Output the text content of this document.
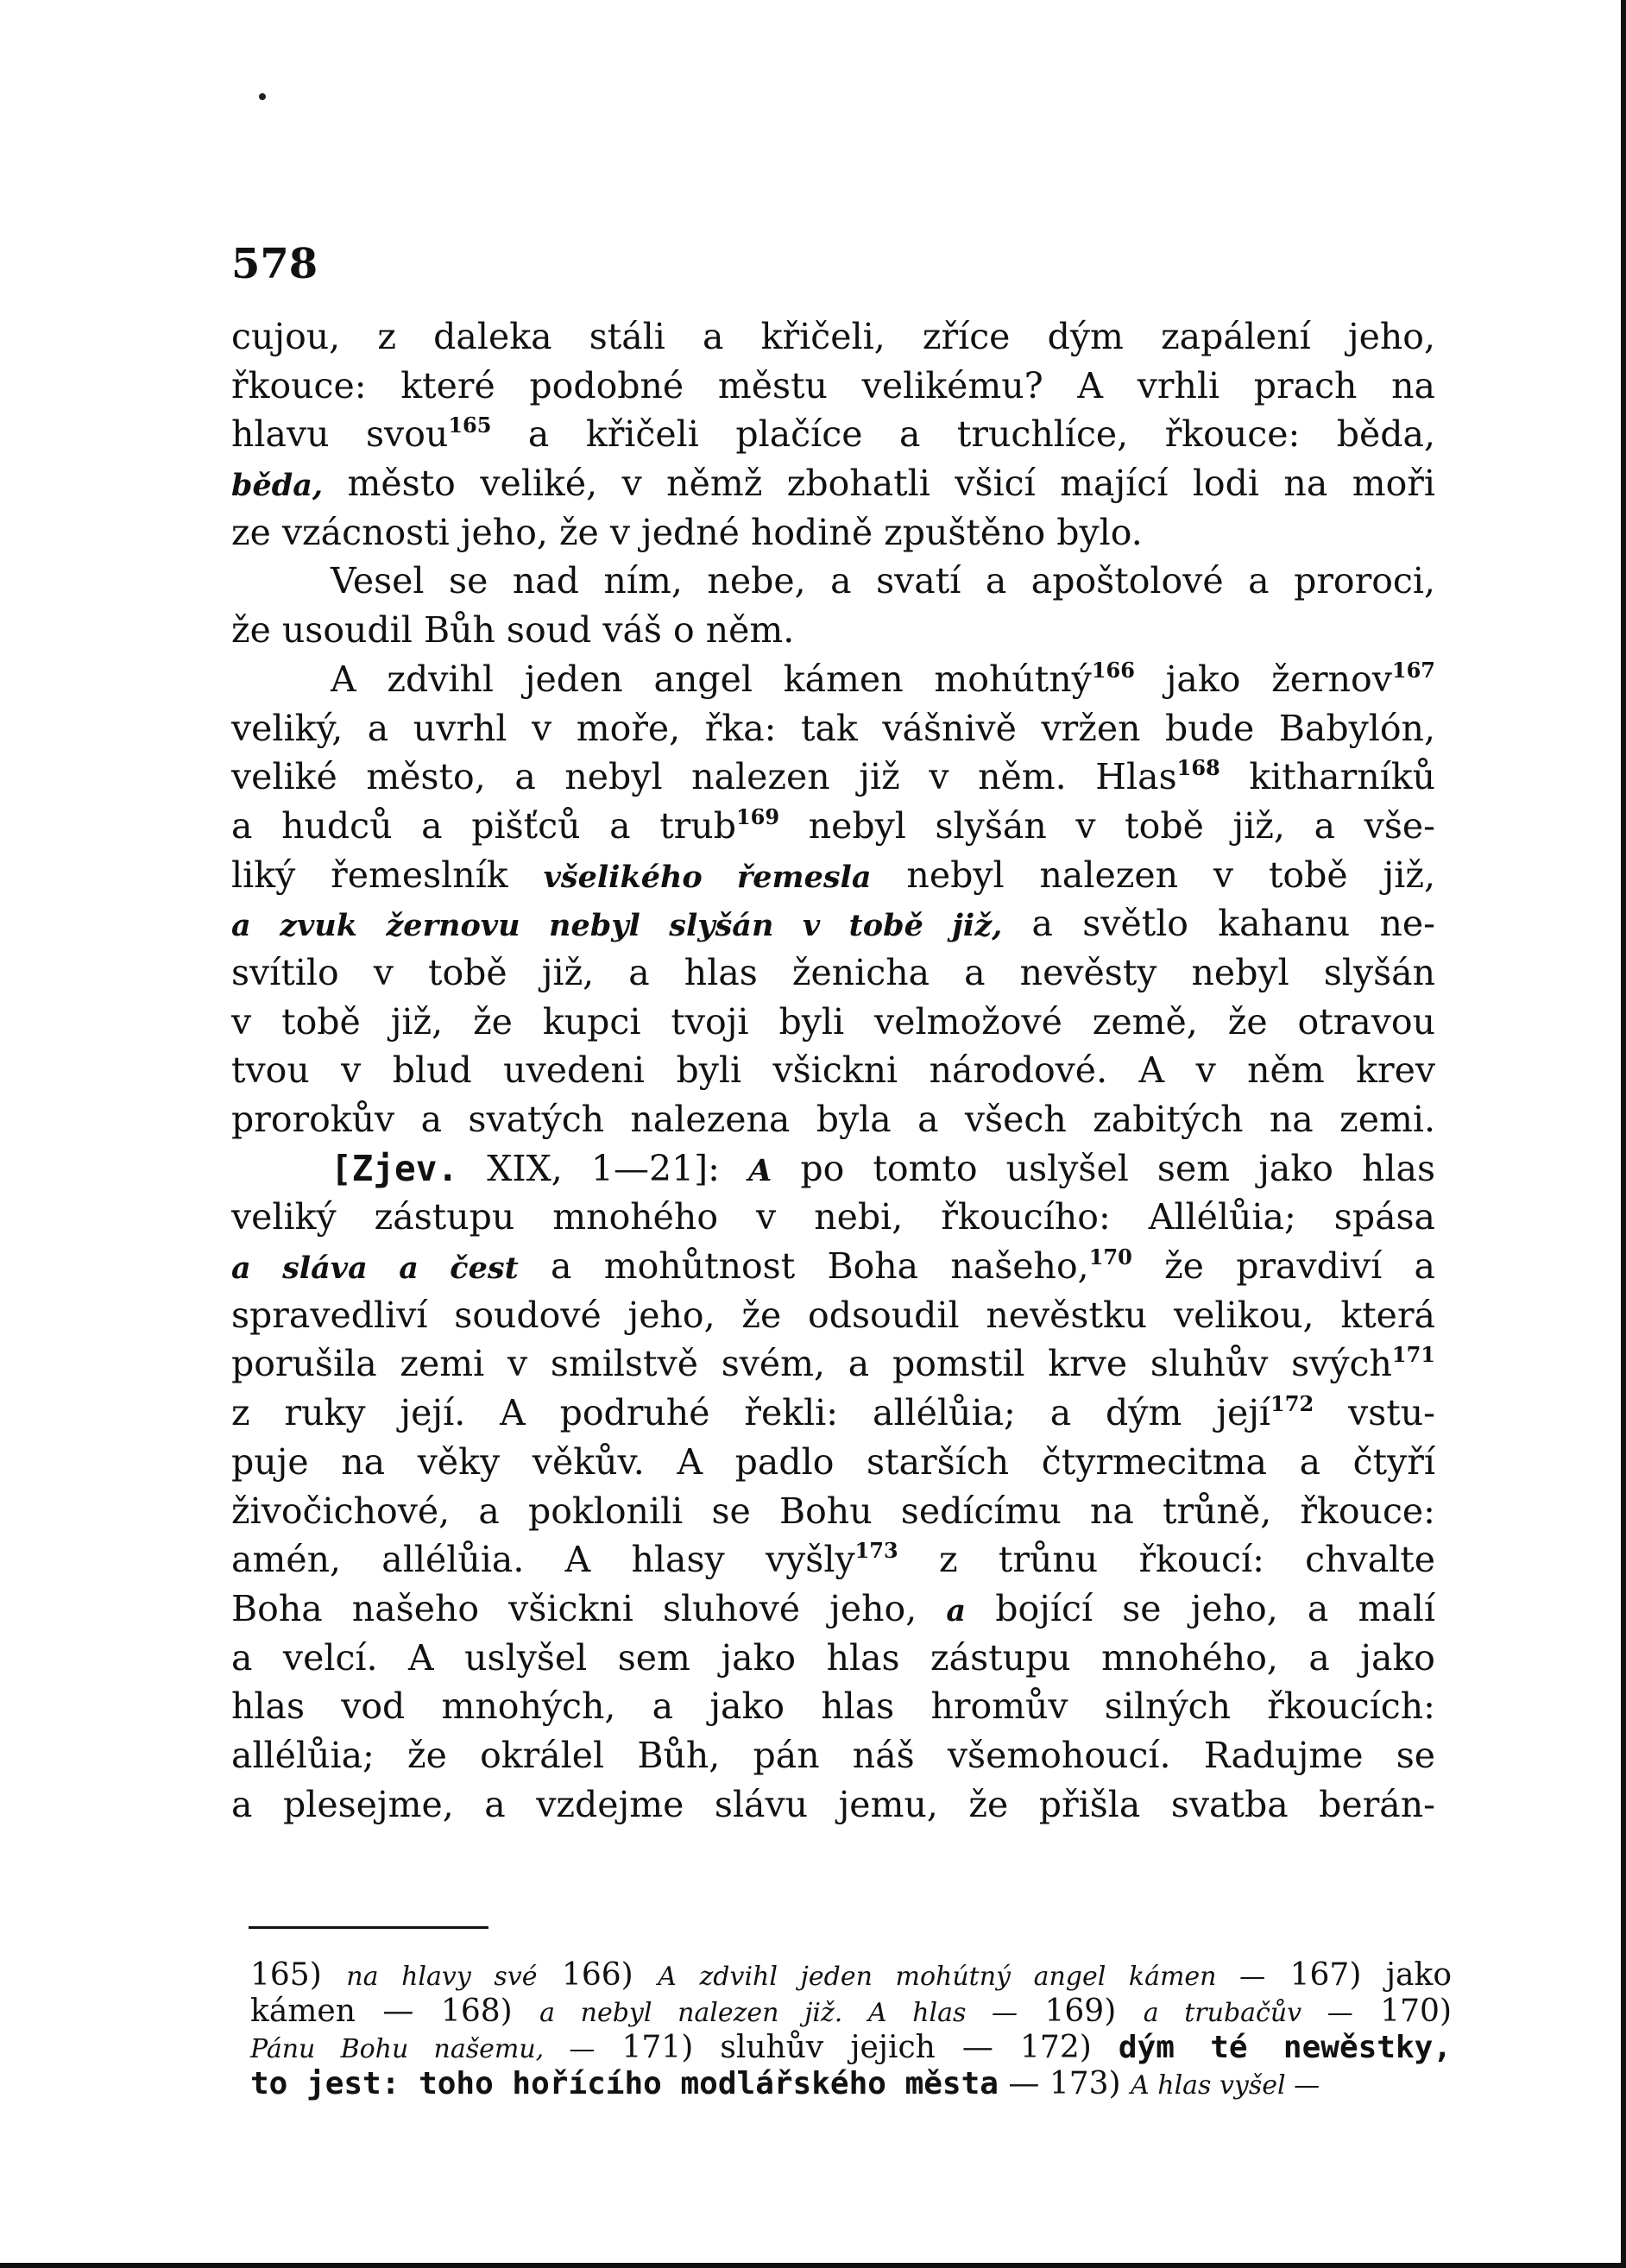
578
cujou, z daleka stáli a křičeli, zříce dým zapálení jeho,
řkouce: které podobné městu velikému? A vrhli prach na
hlavu svou$^{165}$ a křičeli plačíce a truchlíce, řkouce: běda,
běda, město veliké, v němž zbohatli všicí mající lodi na moři
ze vzácnosti jeho, že v jedné hodině zpuštěno bylo.
Vesel se nad ním, nebe, a svatí a apoštolové a proroci,
že usoudil Bůh soud váš o něm.
A zdvihl jeden angel kámen mohútný$^{166}$ jako žernov$^{167}$
veliký, a uvrhl v moře, řka: tak vášnivě vržen bude Babylón,
veliké město, a nebyl nalezen již v něm. Hlas$^{168}$ kitharníků
a hudců a pišťců a trub$^{169}$ nebyl slyšán v tobě již, a vše-
liký řemeslník všelikého řemesla nebyl nalezen v tobě již,
a zvuk žernovu nebyl slyšán v tobě již, a světlo kahanu ne-
svítilo v tobě již, a hlas ženicha a nevěsty nebyl slyšán
v tobě již, že kupci tvoji byli velmožové země, že otravou
tvou v blud uvedeni byli všickni národové. A v něm krev
prorokův a svatých nalezena byla a všech zabitých na zemi.
[Zjev. XIX, 1—21]: A po tomto uslyšel sem jako hlas
veliký zástupu mnohého v nebi, řkoucího: Allélůia; spása
a sláva a čest a mohůtnost Boha našeho,$^{170}$ že pravdiví a
spravedliví soudové jeho, že odsoudil nevěstku velikou, která
porušila zemi v smilstvě svém, a pomstil krve sluhův svých$^{171}$
z ruky její. A podruhé řekli: allélůia; a dým její$^{172}$ vstu-
puje na věky věkův. A padlo starších čtyrmecitma a čtyří
živočichové, a poklonili se Bohu sedícímu na trůně, řkouce:
amén, allélůia. A hlasy vyšly$^{173}$ z trůnu řkoucí: chvalte
Boha našeho všickni sluhové jeho, a bojící se jeho, a malí
a velcí. A uslyšel sem jako hlas zástupu mnohého, a jako
hlas vod mnohých, a jako hlas hromův silných řkoucích:
allélůia; že okrálel Bůh, pán náš všemohoucí. Radujme se
a plesejme, a vzdejme slávu jemu, že přišla svatba berán-
165) na hlavy své 166) A zdvihl jeden mohútný angel kámen — 167) jako
kámen — 168) a nebyl nalezen již. A hlas — 169) a trubačův — 170)
Pánu Bohu našemu, — 171) sluhův jejich — 172) dým té newěstky,
to jest: toho hořícího modlářského města — 173) A hlas vyšel —
